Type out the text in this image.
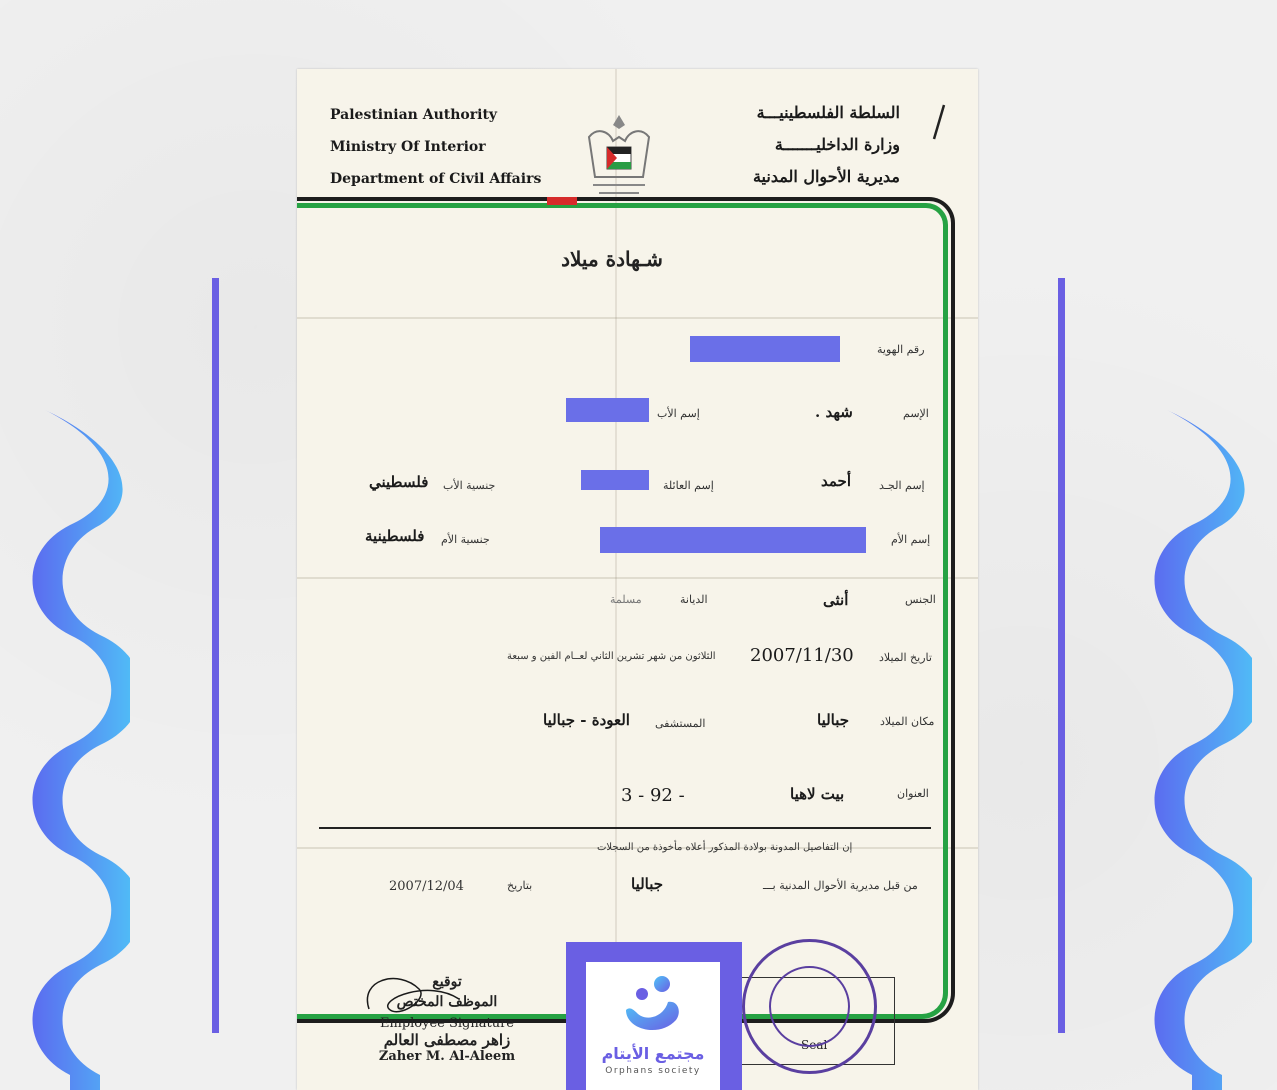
Palestinian Authority
Ministry Of Interior
Department of Civil Affairs
السلطة الفلسطينيـــة
وزارة الداخليـــــــة
مديرية الأحوال المدنية
شـهادة ميلاد
رقم الهوية
الإسم
شهد .
إسم الأب
إسم الجـد
أحمد
إسم العائلة
جنسية الأب
فلسطيني
إسم الأم
جنسية الأم
فلسطينية
الجنس
أنثى
الديانة
مسلمة
تاريخ الميلاد
2007/11/30
الثلاثون من شهر تشرين الثاني لعــام الفين و سبعة
مكان الميلاد
جباليا
المستشفى
العودة - جباليا
العنوان
بيت لاهيا
3 - 92 -
إن التفاصيل المدونة بولادة المذكور أعلاه مأخوذة من السجلات
من قبل مديرية الأحوال المدنية بـــ
جباليا
بتاريخ
2007/12/04
توقيع
الموظف المختص
Employee Signature
زاهر مصطفى العالم
Zaher M. Al-Aleem
Seal
مجتمع الأيتام
Orphans society
